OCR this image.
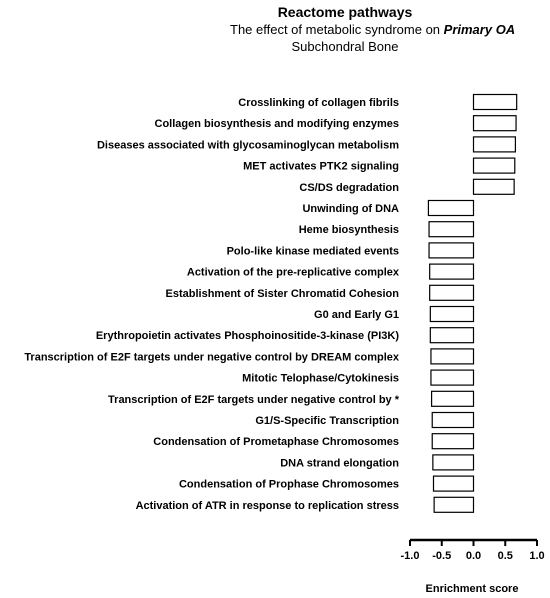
Reactome pathways
The effect of metabolic syndrome on Primary OA
Subchondral Bone
Crosslinking of collagen fibrils
Collagen biosynthesis and modifying enzymes
Diseases associated with glycosaminoglycan metabolism
MET activates PTK2 signaling
CS/DS degradation
Unwinding of DNA
Heme biosynthesis
Polo-like kinase mediated events
Activation of the pre-replicative complex
Establishment of Sister Chromatid Cohesion
G0 and Early G1
Erythropoietin activates Phosphoinositide-3-kinase (PI3K)
Transcription of E2F targets under negative control by DREAM complex
Mitotic Telophase/Cytokinesis
Transcription of E2F targets under negative control by *
G1/S-Specific Transcription
Condensation of Prometaphase Chromosomes
DNA strand elongation
Condensation of Prophase Chromosomes
Activation of ATR in response to replication stress
-1.0 -0.5 0.0 0.5 1.0
Enrichment score
